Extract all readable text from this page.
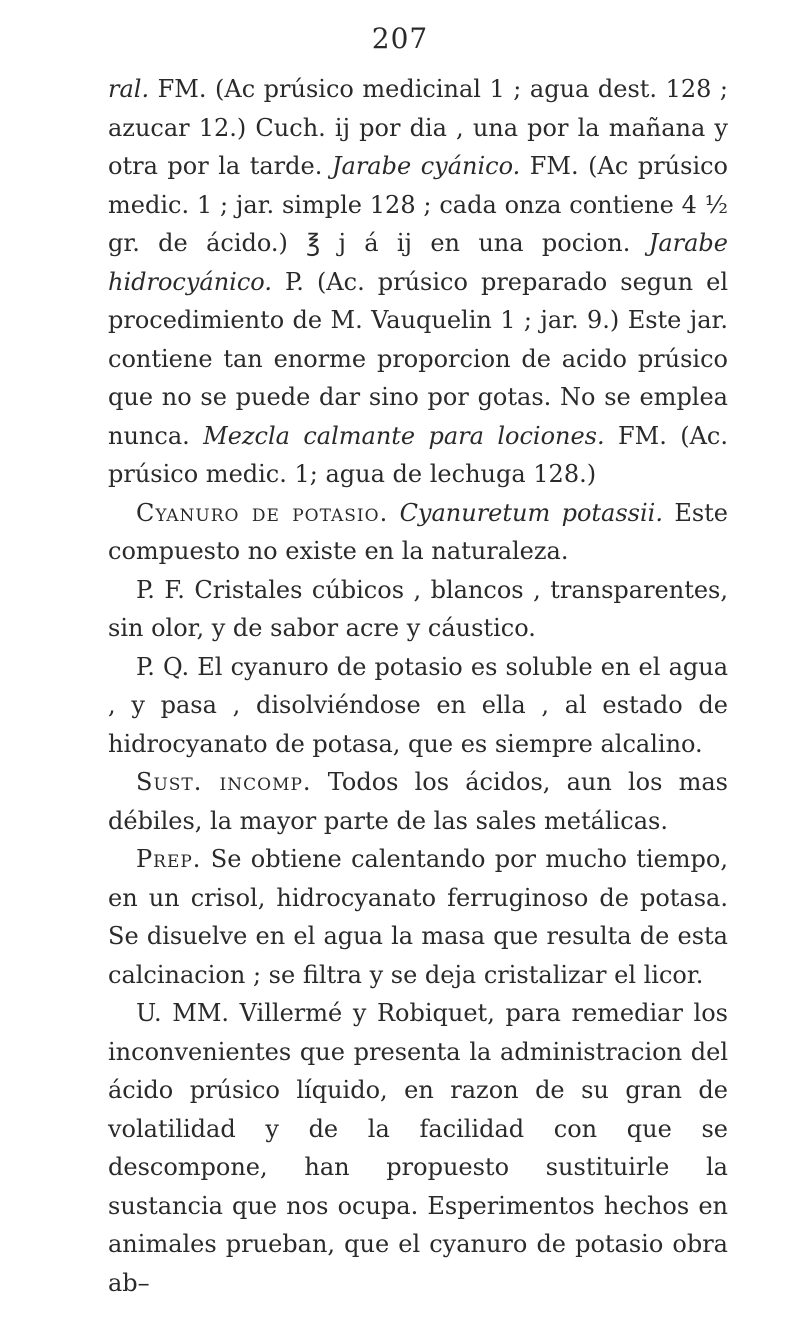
207

ral. FM. (Ac prúsico medicinal 1 ; agua dest. 128 ; azucar 12.) Cuch. ij por dia , una por la mañana y otra por la tarde. Jarabe cyánico. FM. (Ac prúsico medic. 1 ; jar. simple 128 ; cada onza contiene 4 ½ gr. de ácido.) ℥ j á ij en una pocion. Jarabe hidrocyánico. P. (Ac. prúsico preparado segun el procedimiento de M. Vauquelin 1 ; jar. 9.) Este jar. contiene tan enorme proporcion de acido prúsico que no se puede dar sino por gotas. No se emplea nunca. Mezcla calmante para lociones. FM. (Ac. prúsico medic. 1; agua de lechuga 128.)

Cyanuro de potasio. Cyanuretum potassii. Este compuesto no existe en la naturaleza.

P. F. Cristales cúbicos , blancos , transparentes, sin olor, y de sabor acre y cáustico.

P. Q. El cyanuro de potasio es soluble en el agua , y pasa , disolviéndose en ella , al estado de hidrocyanato de potasa, que es siempre alcalino.

Sust. incomp. Todos los ácidos, aun los mas débiles, la mayor parte de las sales metálicas.

Prep. Se obtiene calentando por mucho tiempo, en un crisol, hidrocyanato ferruginoso de potasa. Se disuelve en el agua la masa que resulta de esta calcinacion ; se filtra y se deja cristalizar el licor.

U. MM. Villermé y Robiquet, para remediar los inconvenientes que presenta la administracion del ácido prúsico líquido, en razon de su gran de volatilidad y de la facilidad con que se descompone, han propuesto sustituirle la sustancia que nos ocupa. Esperimentos hechos en animales prueban, que el cyanuro de potasio obra ab–
